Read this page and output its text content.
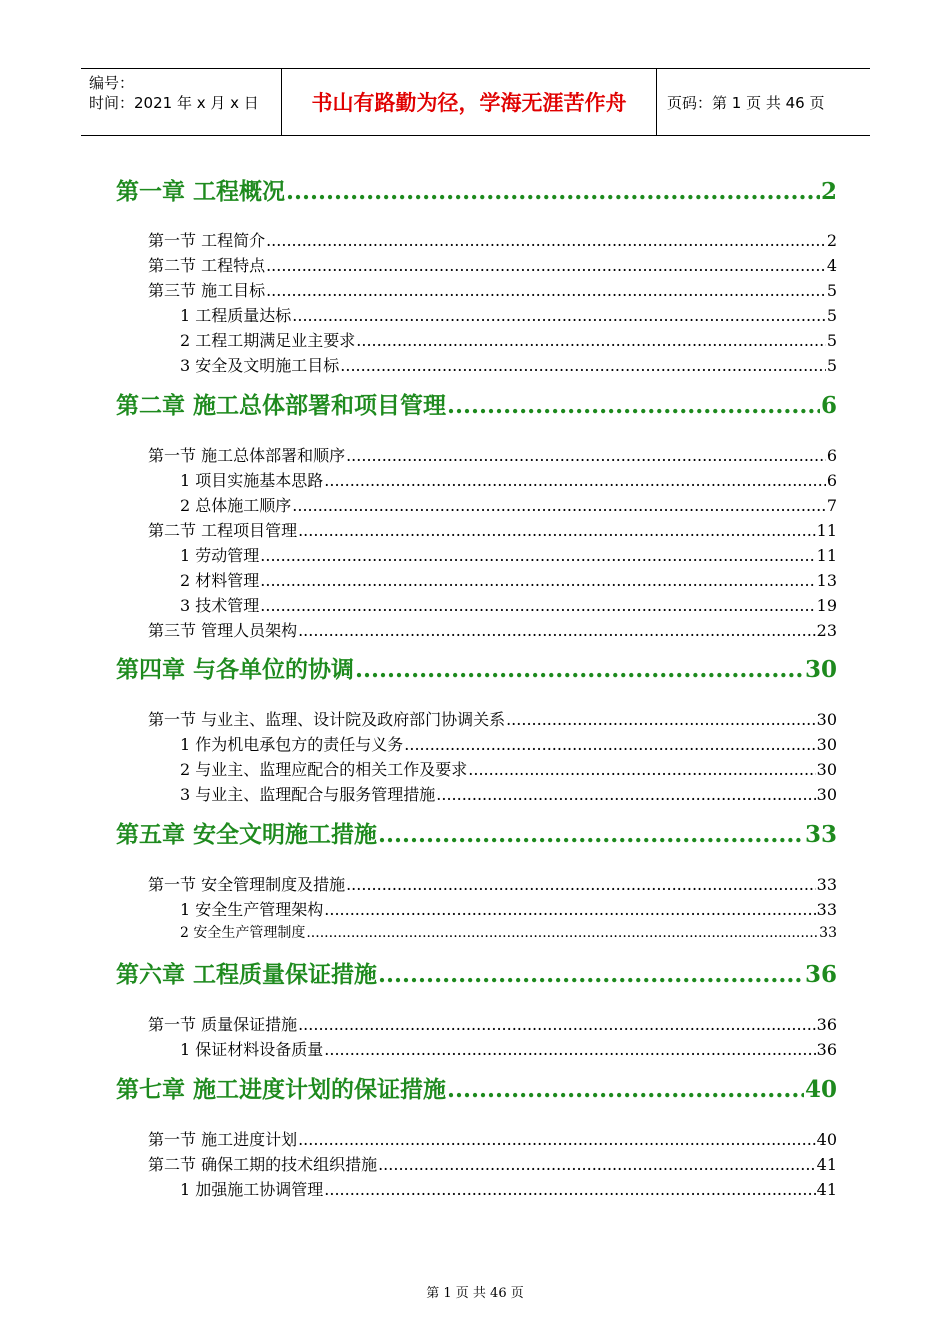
编号：
时间：2021 年 x 月 x 日	书山有路勤为径，学海无涯苦作舟	页码：第 1 页 共 46 页
第一章 工程概况 .....	2
第一节 工程简介 .....	2
第二节 工程特点 .....	4
第三节 施工目标 .....	5
1 工程质量达标 .....	5
2 工程工期满足业主要求 .....	5
3 安全及文明施工目标 .....	5
第二章 施工总体部署和项目管理 .....	6
第一节 施工总体部署和顺序 .....	6
1 项目实施基本思路 .....	6
2 总体施工顺序 .....	7
第二节 工程项目管理 .....	11
1 劳动管理 .....	11
2 材料管理 .....	13
3 技术管理 .....	19
第三节 管理人员架构 .....	23
第四章 与各单位的协调 .....	30
第一节 与业主、监理、设计院及政府部门协调关系 .....	30
1 作为机电承包方的责任与义务 .....	30
2 与业主、监理应配合的相关工作及要求 .....	30
3 与业主、监理配合与服务管理措施 .....	30
第五章 安全文明施工措施 .....	33
第一节 安全管理制度及措施 .....	33
1 安全生产管理架构 .....	33
2 安全生产管理制度 .....	33
第六章 工程质量保证措施 .....	36
第一节 质量保证措施 .....	36
1 保证材料设备质量 .....	36
第七章 施工进度计划的保证措施 .....	40
第一节 施工进度计划 .....	40
第二节 确保工期的技术组织措施 .....	41
1 加强施工协调管理 .....	41
第 1 页 共 46 页
